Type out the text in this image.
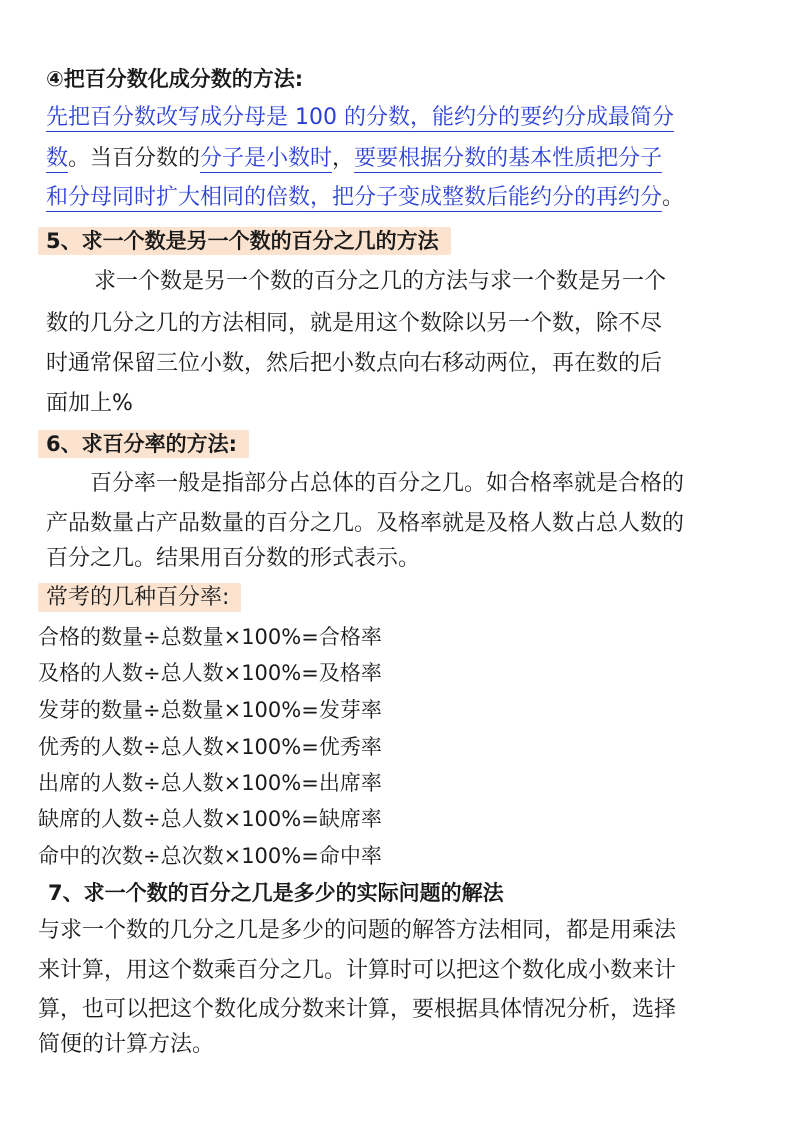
④把百分数化成分数的方法:
先把百分数改写成分母是 100 的分数，能约分的要约分成最简分
数。当百分数的分子是小数时，要要根据分数的基本性质把分子
和分母同时扩大相同的倍数，把分子变成整数后能约分的再约分。
5、求一个数是另一个数的百分之几的方法
求一个数是另一个数的百分之几的方法与求一个数是另一个
数的几分之几的方法相同，就是用这个数除以另一个数，除不尽
时通常保留三位小数，然后把小数点向右移动两位，再在数的后
面加上%
6、求百分率的方法:
百分率一般是指部分占总体的百分之几。如合格率就是合格的
产品数量占产品数量的百分之几。及格率就是及格人数占总人数的
百分之几。结果用百分数的形式表示。
常考的几种百分率:
合格的数量÷总数量×100%=合格率
及格的人数÷总人数×100%=及格率
发芽的数量÷总数量×100%=发芽率
优秀的人数÷总人数×100%=优秀率
出席的人数÷总人数×100%=出席率
缺席的人数÷总人数×100%=缺席率
命中的次数÷总次数×100%=命中率
7、求一个数的百分之几是多少的实际问题的解法
与求一个数的几分之几是多少的问题的解答方法相同，都是用乘法
来计算，用这个数乘百分之几。计算时可以把这个数化成小数来计
算，也可以把这个数化成分数来计算，要根据具体情况分析，选择
简便的计算方法。
